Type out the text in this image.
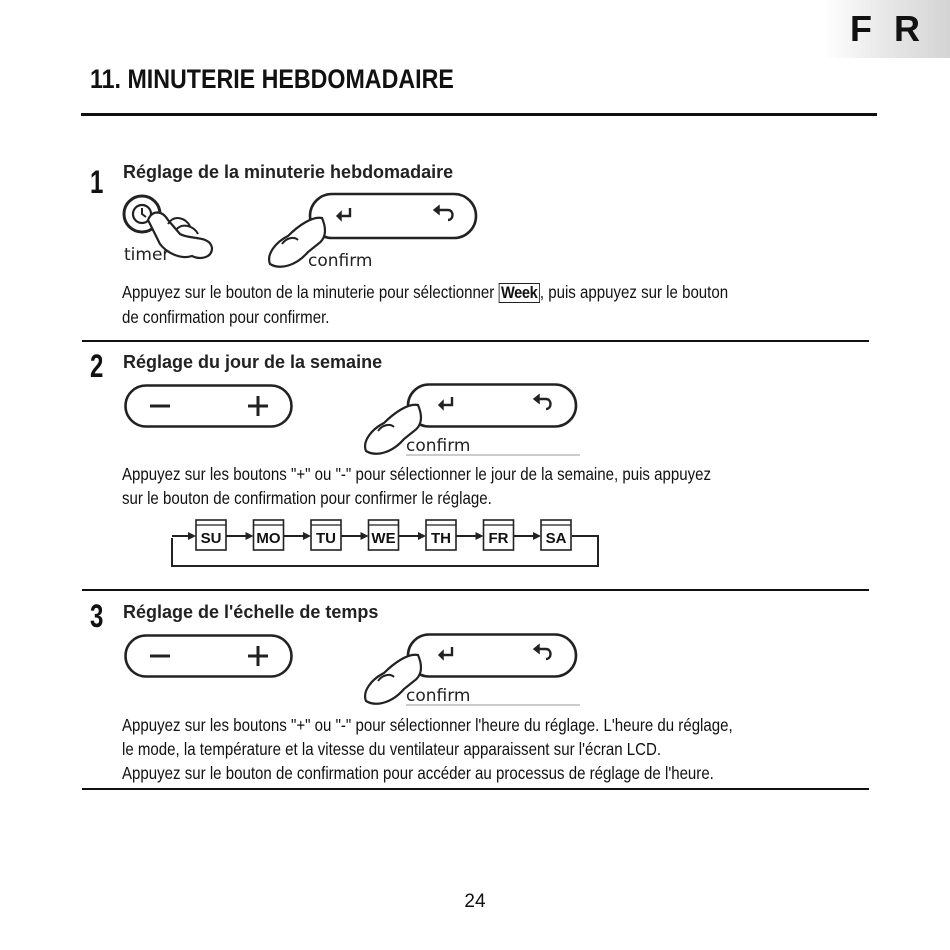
F R
11. MINUTERIE HEBDOMADAIRE
1 Réglage de la minuterie hebdomadaire
timer	confirm
Appuyez sur le bouton de la minuterie pour sélectionner Week , puis appuyez sur le bouton
de confirmation pour confirmer.
2 Réglage du jour de la semaine
confirm
Appuyez sur les boutons "+" ou "-" pour sélectionner le jour de la semaine, puis appuyez
sur le bouton de confirmation pour confirmer le réglage.
SU MO TU WE TH	FR SA
3 Réglage de l'échelle de temps
confirm
Appuyez sur les boutons "+" ou "-" pour sélectionner l'heure du réglage. L'heure du réglage,
le mode, la température et la vitesse du ventilateur apparaissent sur l'écran LCD.
Appuyez sur le bouton de confirmation pour accéder au processus de réglage de l'heure.
24
